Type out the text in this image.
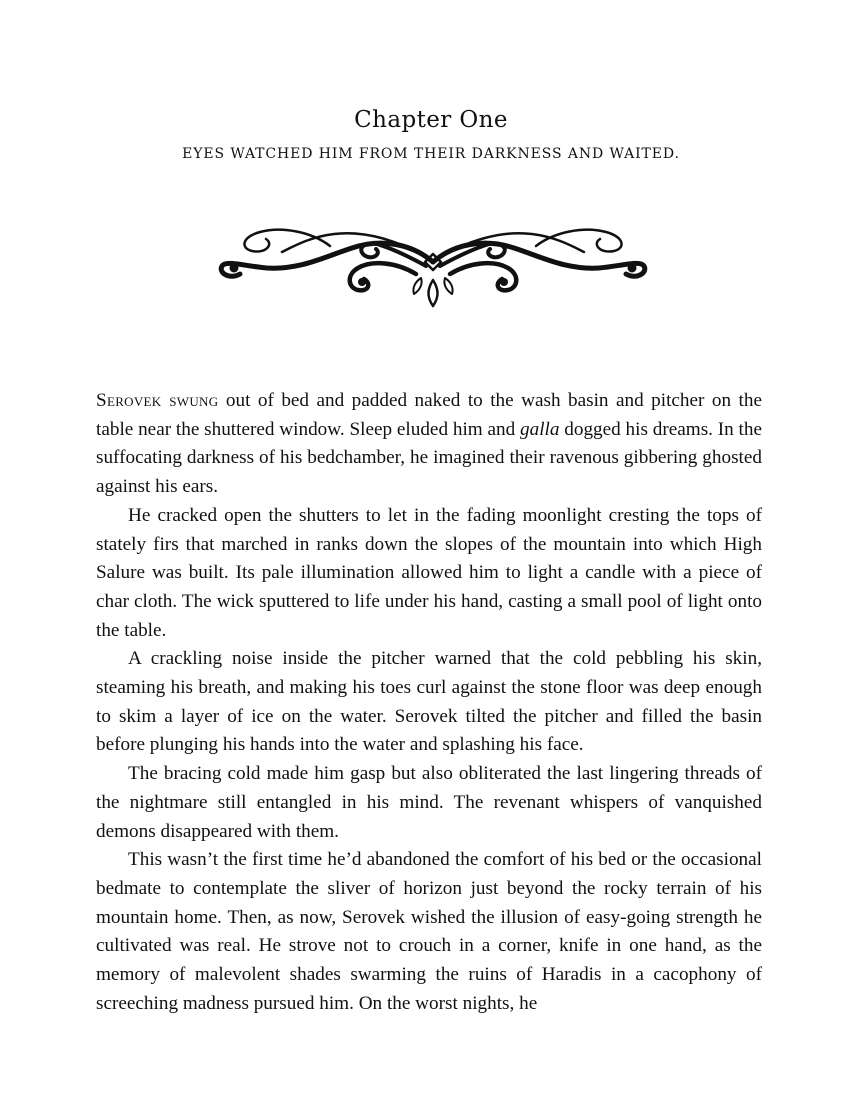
Chapter One

EYES WATCHED HIM FROM THEIR DARKNESS AND WAITED.

Serovek swung out of bed and padded naked to the wash basin and pitcher on the table near the shuttered window. Sleep eluded him and galla dogged his dreams. In the suffocating darkness of his bedchamber, he imagined their ravenous gibbering ghosted against his ears.

He cracked open the shutters to let in the fading moonlight cresting the tops of stately firs that marched in ranks down the slopes of the mountain into which High Salure was built. Its pale illumination allowed him to light a candle with a piece of char cloth. The wick sputtered to life under his hand, casting a small pool of light onto the table.

A crackling noise inside the pitcher warned that the cold pebbling his skin, steaming his breath, and making his toes curl against the stone floor was deep enough to skim a layer of ice on the water. Serovek tilted the pitcher and filled the basin before plunging his hands into the water and splashing his face.

The bracing cold made him gasp but also obliterated the last lingering threads of the nightmare still entangled in his mind. The revenant whispers of vanquished demons disappeared with them.

This wasn’t the first time he’d abandoned the comfort of his bed or the occasional bedmate to contemplate the sliver of horizon just beyond the rocky terrain of his mountain home. Then, as now, Serovek wished the illusion of easy-going strength he cultivated was real. He strove not to crouch in a corner, knife in one hand, as the memory of malevolent shades swarming the ruins of Haradis in a cacophony of screeching madness pursued him. On the worst nights, he
